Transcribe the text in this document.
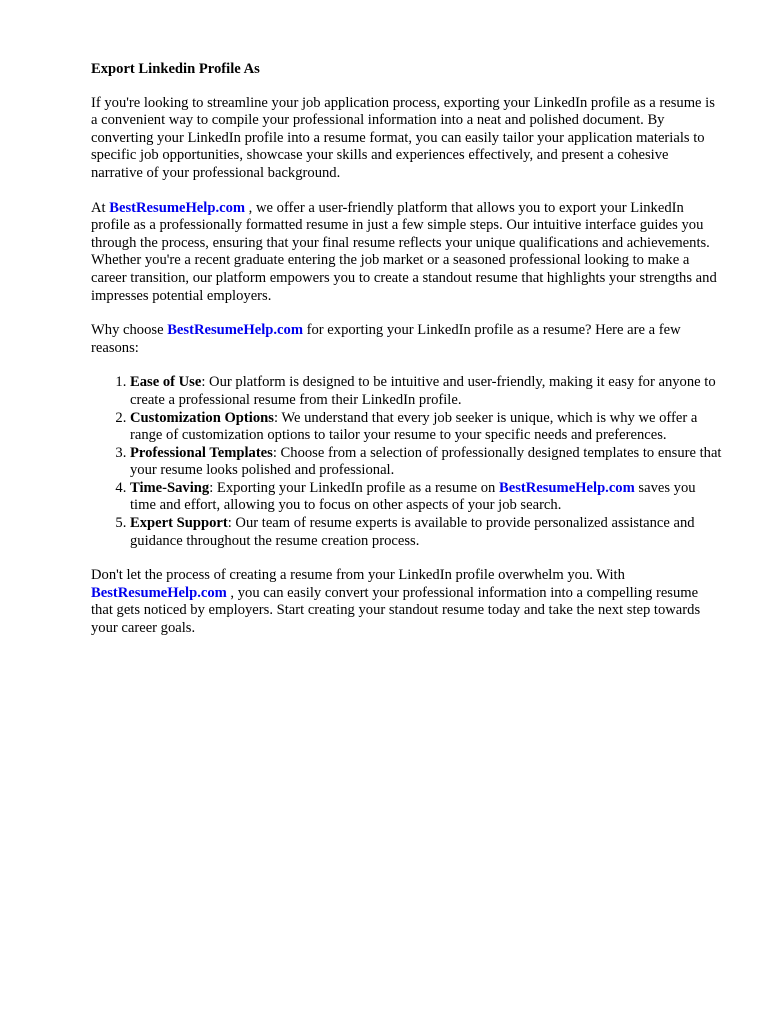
Export Linkedin Profile As

If you're looking to streamline your job application process, exporting your LinkedIn profile as a resume is a convenient way to compile your professional information into a neat and polished document. By converting your LinkedIn profile into a resume format, you can easily tailor your application materials to specific job opportunities, showcase your skills and experiences effectively, and present a cohesive narrative of your professional background.

At BestResumeHelp.com , we offer a user-friendly platform that allows you to export your LinkedIn profile as a professionally formatted resume in just a few simple steps. Our intuitive interface guides you through the process, ensuring that your final resume reflects your unique qualifications and achievements. Whether you're a recent graduate entering the job market or a seasoned professional looking to make a career transition, our platform empowers you to create a standout resume that highlights your strengths and impresses potential employers.

Why choose BestResumeHelp.com for exporting your LinkedIn profile as a resume? Here are a few reasons:

1. Ease of Use: Our platform is designed to be intuitive and user-friendly, making it easy for anyone to create a professional resume from their LinkedIn profile.
2. Customization Options: We understand that every job seeker is unique, which is why we offer a range of customization options to tailor your resume to your specific needs and preferences.
3. Professional Templates: Choose from a selection of professionally designed templates to ensure that your resume looks polished and professional.
4. Time-Saving: Exporting your LinkedIn profile as a resume on BestResumeHelp.com saves you time and effort, allowing you to focus on other aspects of your job search.
5. Expert Support: Our team of resume experts is available to provide personalized assistance and guidance throughout the resume creation process.

Don't let the process of creating a resume from your LinkedIn profile overwhelm you. With BestResumeHelp.com , you can easily convert your professional information into a compelling resume that gets noticed by employers. Start creating your standout resume today and take the next step towards your career goals.
